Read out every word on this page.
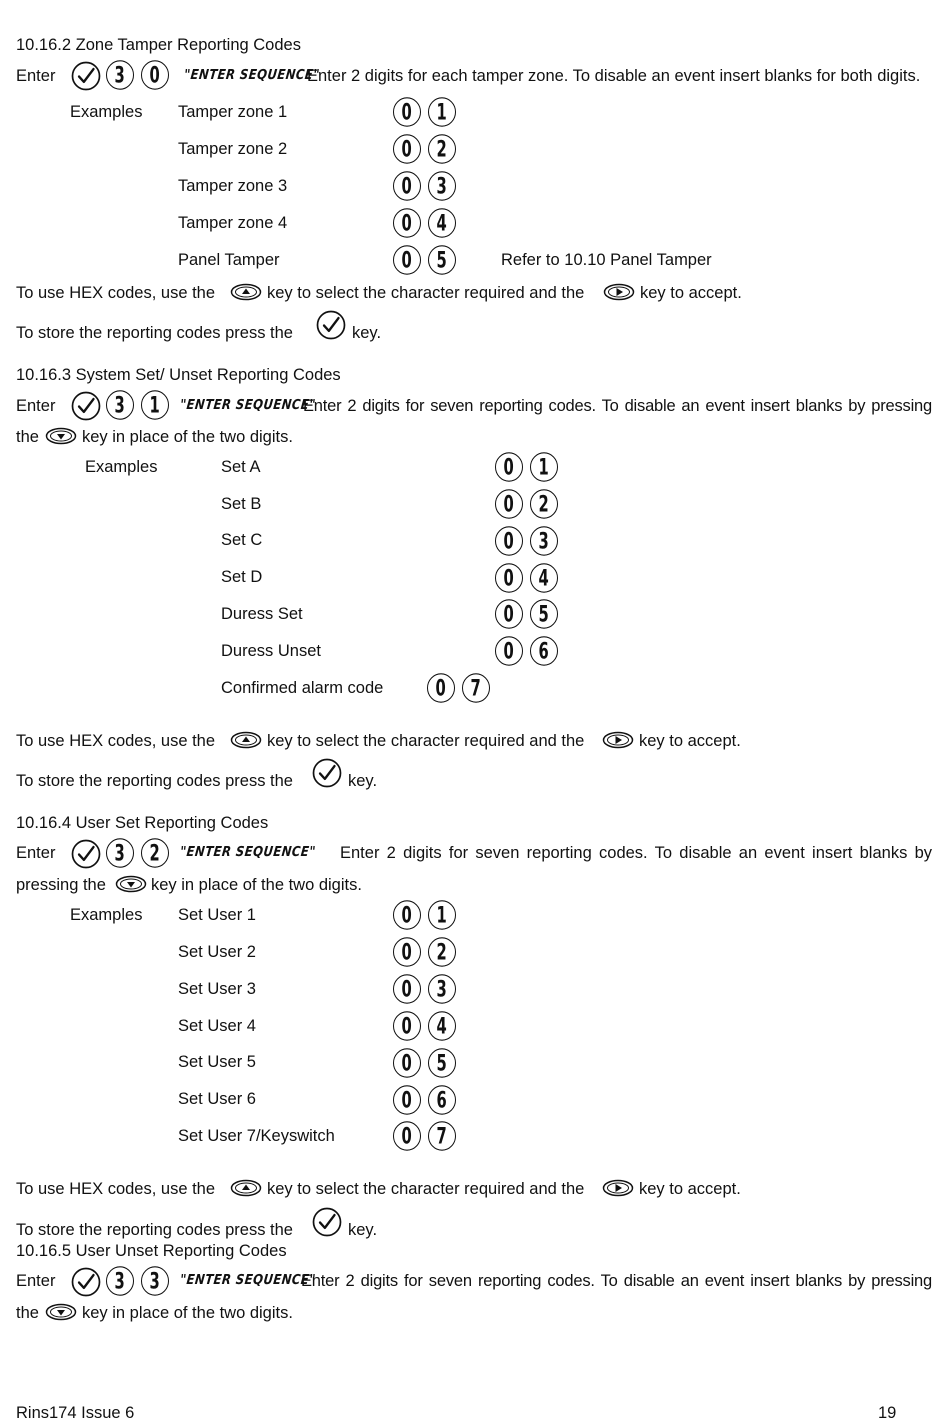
10.16.2 Zone Tamper Reporting Codes
Enter	3 0 "ENTER SEQUENCE"
Enter 2 digits for each tamper zone. To disable an event insert blanks for both digits.
Examples Tamper zone 1	0 1
Tamper zone 2	0 2
Tamper zone 3	0 3
Tamper zone 4	0 4
Panel Tamper	0 5	Refer to 10.10 Panel Tamper
To use HEX codes, use the	key to select the character required and the	key to accept.
To store the reporting codes press the	key.
10.16.3 System Set/ Unset Reporting Codes
Enter	3 1 "ENTER SEQUENCE"
Enter 2 digits for seven reporting codes. To disable an event insert blanks by pressing
the	key in place of the two digits.
Examples	Set A	0 1
Set B	0 2
Set C	0 3
Set D	0 4
Duress Set	0 5
Duress Unset	0 6
Confirmed alarm code	0 7
To use HEX codes, use the	key to select the character required and the	key to accept.
To store the reporting codes press the	key.
10.16.4 User Set Reporting Codes
Enter	3 2 "ENTER SEQUENCE" Enter 2 digits for seven reporting codes. To disable an event insert blanks by
pressing the	key in place of the two digits.
Examples Set User 1	0 1
Set User 2	0 2
Set User 3	0 3
Set User 4	0 4
Set User 5	0 5
Set User 6	0 6
Set User 7/Keyswitch	0 7
To use HEX codes, use the	key to select the character required and the	key to accept.
To store the reporting codes press the	key.
10.16.5 User Unset Reporting Codes
Enter	3 3 "ENTER SEQUENCE"
Enter 2 digits for seven reporting codes. To disable an event insert blanks by pressing
the	key in place of the two digits.
Rins174 Issue 6	19
